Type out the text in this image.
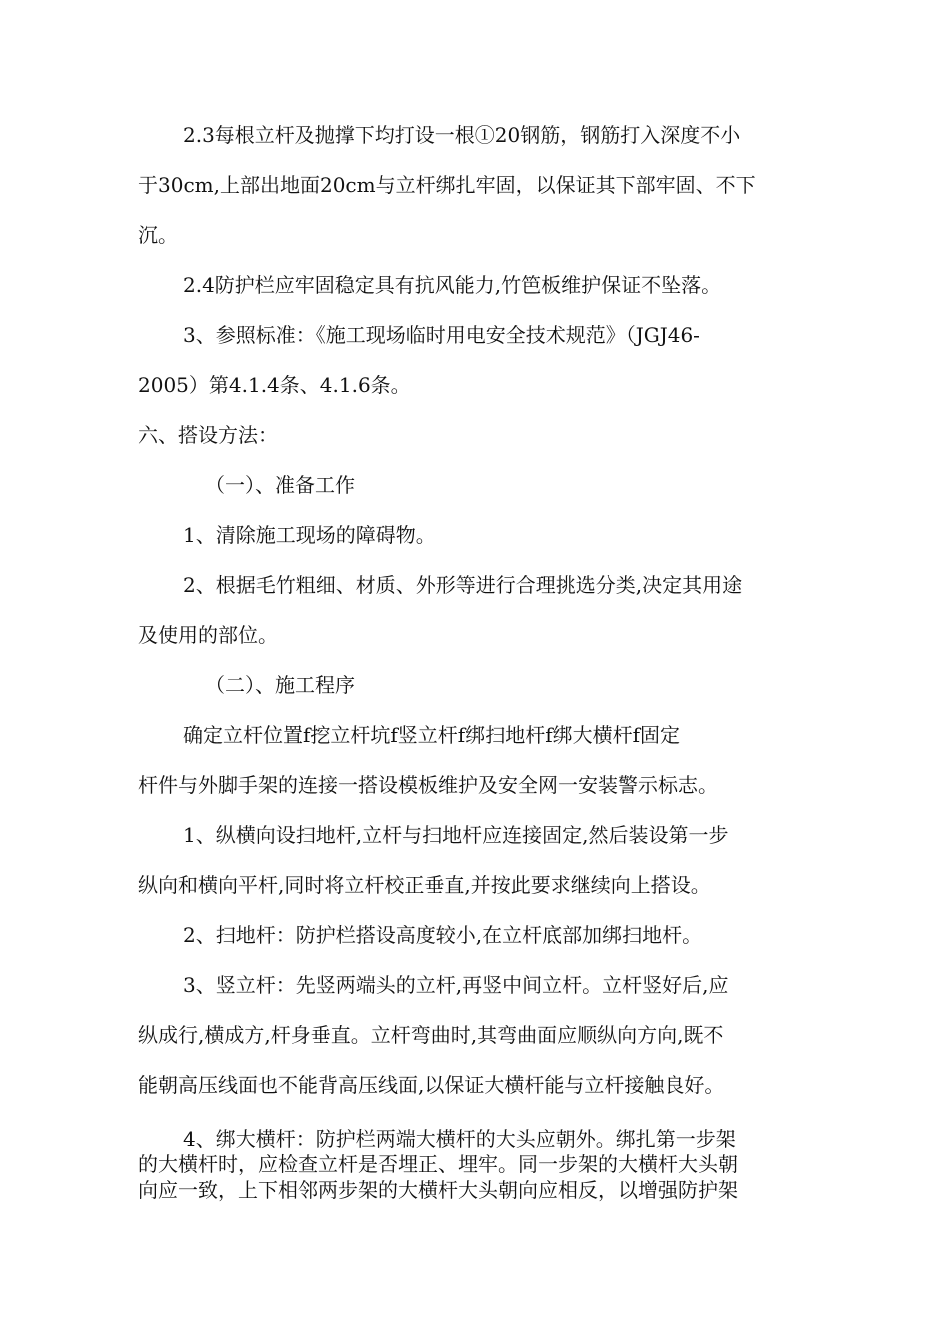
2.3每根立杆及抛撑下均打设一根①20钢筋，钢筋打入深度不小
于30cm,上部出地面20cm与立杆绑扎牢固，以保证其下部牢固、不下
沉。
2.4防护栏应牢固稳定具有抗风能力,竹笆板维护保证不坠落。
3、参照标准：《施工现场临时用电安全技术规范》（JGJ46-
2005）第4.1.4条、4.1.6条。
六、搭设方法：
（一）、准备工作
1、清除施工现场的障碍物。
2、根据毛竹粗细、材质、外形等进行合理挑选分类,决定其用途
及使用的部位。
（二）、施工程序
确定立杆位置f挖立杆坑f竖立杆f绑扫地杆f绑大横杆f固定
杆件与外脚手架的连接一搭设模板维护及安全网一安装警示标志。
1、纵横向设扫地杆,立杆与扫地杆应连接固定,然后装设第一步
纵向和横向平杆,同时将立杆校正垂直,并按此要求继续向上搭设。
2、扫地杆：防护栏搭设高度较小,在立杆底部加绑扫地杆。
3、竖立杆：先竖两端头的立杆,再竖中间立杆。立杆竖好后,应
纵成行,横成方,杆身垂直。立杆弯曲时,其弯曲面应顺纵向方向,既不
能朝高压线面也不能背高压线面,以保证大横杆能与立杆接触良好。
4、绑大横杆：防护栏两端大横杆的大头应朝外。绑扎第一步架
的大横杆时，应检查立杆是否埋正、埋牢。同一步架的大横杆大头朝
向应一致，上下相邻两步架的大横杆大头朝向应相反，以增强防护架
